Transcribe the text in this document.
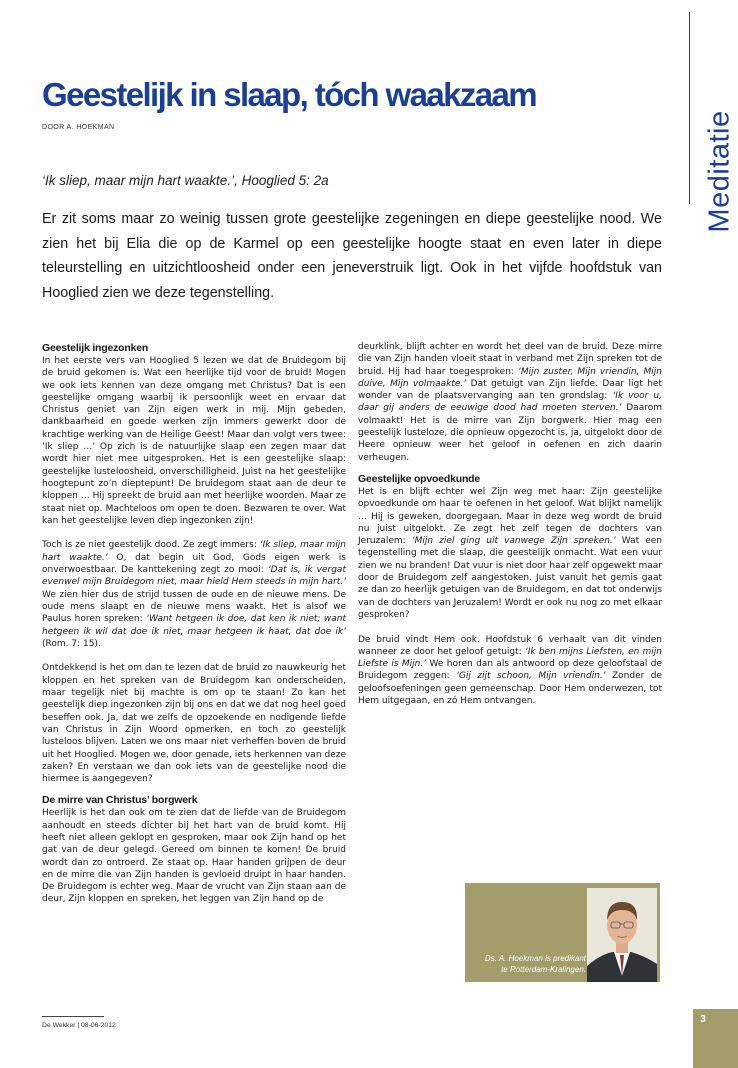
Geestelijk in slaap, tóch waakzaam
DOOR A. HOEKMAN	Meditatie
‘Ik sliep, maar mijn hart waakte.’, Hooglied 5: 2a
Er zit soms maar zo weinig tussen grote geestelijke zegeningen en diepe geestelijke nood. We zien het bij Elia die op de Karmel op een geestelijke hoogte staat en even later in diepe teleurstelling en uitzichtloosheid onder een jeneverstruik ligt. Ook in het vijfde hoofdstuk van Hooglied zien we deze tegenstelling.
Geestelijk ingezonken

In het eerste vers van Hooglied 5 lezen we dat de Bruidegom bij de bruid gekomen is. Wat een heerlijke tijd voor de bruid! Mogen we ook iets kennen van deze omgang met Christus? Dat is een geestelijke omgang waarbij ik persoonlijk weet en ervaar dat Christus geniet van Zijn eigen werk in mij. Mijn gebeden, dankbaarheid en goede werken zijn immers gewerkt door de krachtige werking van de Heilige Geest! Maar dan volgt vers twee: ‘Ik sliep …’ Op zich is de natuurlijke slaap een zegen maar dat wordt hier niet mee uitgesproken. Het is een geestelijke slaap: geestelijke lusteloosheid, onverschilligheid. Juist na het geestelijke hoogtepunt zo’n dieptepunt! De bruidegom staat aan de deur te kloppen … Hij spreekt de bruid aan met heerlijke woorden. Maar ze staat niet op. Machteloos om open te doen. Bezwaren te over. Wat kan het geestelijke leven diep ingezonken zijn!

Toch is ze niet geestelijk dood. Ze zegt immers: ‘Ik sliep, maar mijn hart waakte.’ O, dat begin uit God, Gods eigen werk is onverwoestbaar. De kanttekening zegt zo mooi: ‘Dat is, ik vergat evenwel mijn Bruidegom niet, maar hield Hem steeds in mijn hart.’ We zien hier dus de strijd tussen de oude en de nieuwe mens. De oude mens slaapt en de nieuwe mens waakt. Het is alsof we Paulus horen spreken: ‘Want hetgeen ik doe, dat ken ik niet; want hetgeen ik wil dat doe ik niet, maar hetgeen ik haat, dat doe ik’ (Rom. 7: 15).

Ontdekkend is het om dan te lezen dat de bruid zo nauwkeurig het kloppen en het spreken van de Bruidegom kan onderscheiden, maar tegelijk niet bij machte is om op te staan! Zo kan het geestelijk diep ingezonken zijn bij ons en dat we dat nog heel goed beseffen ook. Ja, dat we zelfs de opzoekende en nodigende liefde van Christus in Zijn Woord opmerken, en toch zo geestelijk lusteloos blijven. Laten we ons maar niet verheffen boven de bruid uit het Hooglied. Mogen we, door genade, iets herkennen van deze zaken? En verstaan we dan ook iets van de geestelijke nood die hiermee is aangegeven?

De mirre van Christus’ borgwerk

Heerlijk is het dan ook om te zien dat de liefde van de Bruidegom aanhoudt en steeds dichter bij het hart van de bruid komt. Hij heeft niet alleen geklopt en gesproken, maar ook Zijn hand op het gat van de deur gelegd. Gereed om binnen te komen! De bruid wordt dan zo ontroerd. Ze staat op. Haar handen grijpen de deur en de mirre die van Zijn handen is gevloeid druipt in haar handen. De Bruidegom is echter weg. Maar de vrucht van Zijn staan aan de deur, Zijn kloppen en spreken, het leggen van Zijn hand op de

deurklink, blijft achter en wordt het deel van de bruid. Deze mirre die van Zijn handen vloeit staat in verband met Zijn spreken tot de bruid. Hij had haar toegesproken: ‘Mijn zuster, Mijn vriendin, Mijn duive, Mijn volmaakte.’ Dat getuigt van Zijn liefde. Daar ligt het wonder van de plaatsvervanging aan ten grondslag: ‘Ik voor u, daar gij anders de eeuwige dood had moeten sterven.’ Daarom volmaakt! Het is de mirre van Zijn borgwerk. Hier mag een geestelijk lusteloze, die opnieuw opgezocht is, ja, uitgelokt door de Heere opnieuw weer het geloof in oefenen en zich daarin verheugen.

Geestelijke opvoedkunde

Het is en blijft echter wel Zijn weg met haar: Zijn geestelijke opvoedkunde om haar te oefenen in het geloof. Wat blijkt namelijk … Hij is geweken, doorgegaan. Maar in deze weg wordt de bruid nu juist uitgelokt. Ze zegt het zelf tegen de dochters van Jeruzalem: ‘Mijn ziel ging uit vanwege Zijn spreken.’ Wat een tegenstelling met die slaap, die geestelijk onmacht. Wat een vuur zien we nu branden! Dat vuur is niet door haar zelf opgewekt maar door de Bruidegom zelf aangestoken. Juist vanuit het gemis gaat ze dan zo heerlijk getuigen van de Bruidegom, en dat tot onderwijs van de dochters van Jeruzalem! Wordt er ook nu nog zo met elkaar gesproken?

De bruid vindt Hem ook. Hoofdstuk 6 verhaalt van dit vinden wanneer ze door het geloof getuigt: ‘Ik ben mijns Liefsten, en mijn Liefste is Mijn.’ We horen dan als antwoord op deze geloofstaal de Bruidegom zeggen: ‘Gij zijt schoon, Mijn vriendin.’ Zonder de geloofsoefeningen geen gemeenschap. Door Hem onderwezen, tot Hem uitgegaan, en zó Hem ontvangen.

Ds. A. Hoekman is predikant
te Rotterdam-Kralingen.
De Wekker | 08-06-2012
3
